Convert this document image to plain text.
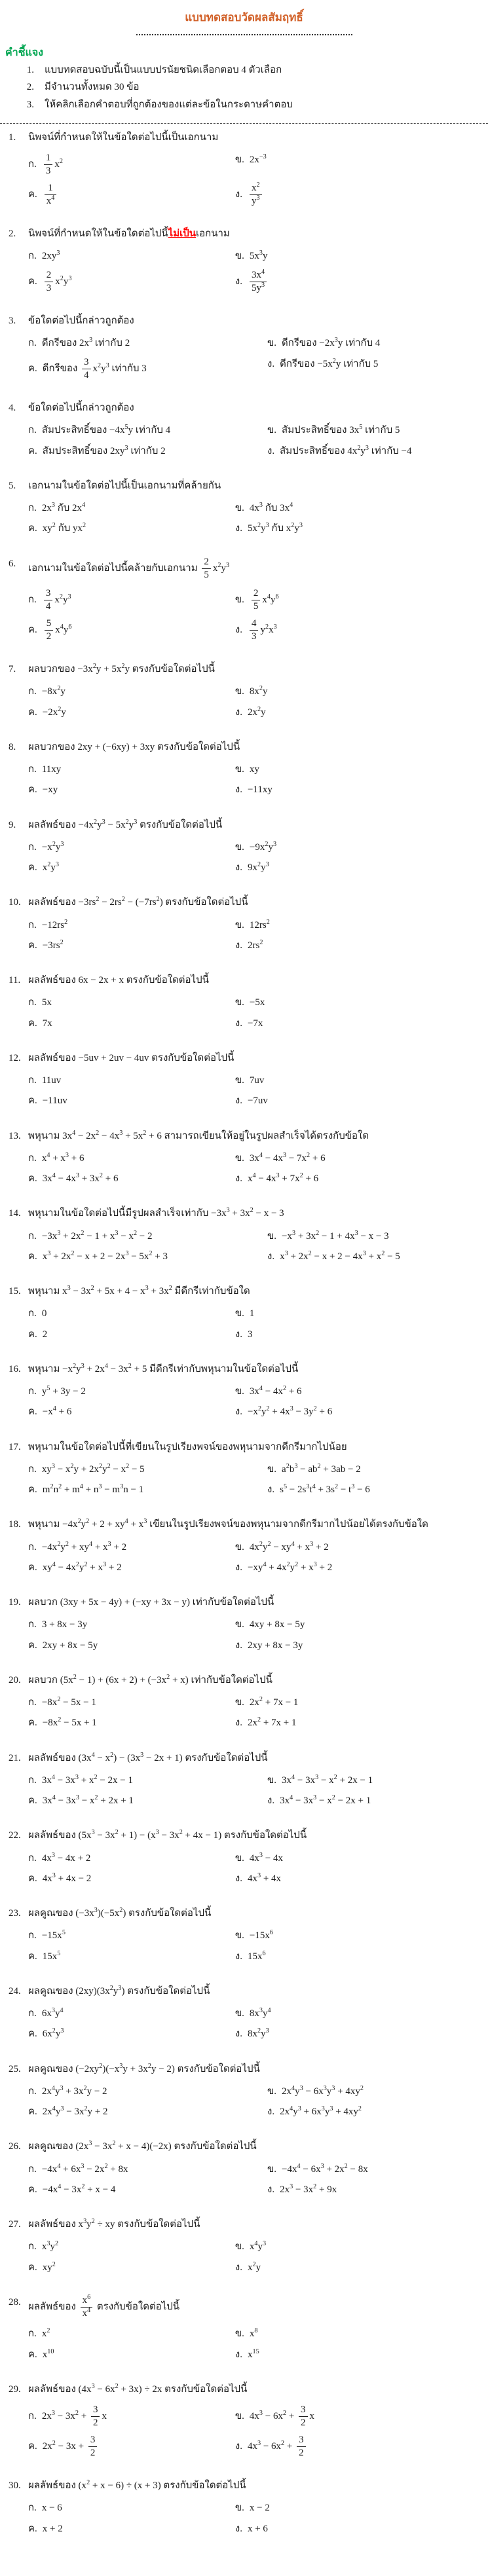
แบบทดสอบวัดผลสัมฤทธิ์
คำชี้แจง
1.	แบบทดสอบฉบับนี้เป็นแบบปรนัยชนิดเลือกตอบ 4 ตัวเลือก
2.	มีจำนวนทั้งหมด 30 ข้อ
3.	ให้คลิกเลือกคำตอบที่ถูกต้องของแต่ละข้อในกระดาษคำตอบ
1.	นิพจน์ที่กำหนดให้ในข้อใดต่อไปนี้เป็นเอกนาม
ก. $\frac{1}{3} x^2$	ข. $2x^{-3}$
ค. $\frac{1}{x^4}$	ง. $\frac{x^2}{y^3}$
2.	นิพจน์ที่กำหนดให้ในข้อใดต่อไปนี้ไม่เป็นเอกนาม
ก. $2xy^3$	ข. $5x^3y$
ค. $\frac{2}{3} x^2y^3$	ง. $\frac{3x^4}{5y^3}$
3.	ข้อใดต่อไปนี้กล่าวถูกต้อง
ก. ดีกรีของ $2x^3$ เท่ากับ 2	ข. ดีกรีของ $-2x^3y$ เท่ากับ 4
ค. ดีกรีของ $\frac{3}{4} x^2y^3$ เท่ากับ 3	ง. ดีกรีของ $-5x^2y$ เท่ากับ 5
4.	ข้อใดต่อไปนี้กล่าวถูกต้อง
ก. สัมประสิทธิ์ของ $-4x^5y$ เท่ากับ 4	ข. สัมประสิทธิ์ของ $3x^5$ เท่ากับ 5
ค. สัมประสิทธิ์ของ $2xy^3$ เท่ากับ 2	ง. สัมประสิทธิ์ของ $4x^2y^3$ เท่ากับ −4
5.	เอกนามในข้อใดต่อไปนี้เป็นเอกนามที่คล้ายกัน
ก. $2x^3$ กับ $2x^4$	ข. $4x^3$ กับ $3x^4$
ค. $xy^2$ กับ $yx^2$	ง. $5x^2y^3$ กับ $x^2y^3$
6.	เอกนามในข้อใดต่อไปนี้คล้ายกับเอกนาม $\frac{2}{5} x^2y^3$
ก. $\frac{3}{4} x^2y^3$	ข. $\frac{2}{5} x^4y^6$
ค. $\frac{5}{2} x^4y^6$	ง. $\frac{4}{3} y^2x^3$
7.	ผลบวกของ $-3x^2y + 5x^2y$ ตรงกับข้อใดต่อไปนี้
ก. $-8x^2y$	ข. $8x^2y$
ค. $-2x^2y$	ง. $2x^2y$
8.	ผลบวกของ 2xy + (−6xy) + 3xy ตรงกับข้อใดต่อไปนี้
ก. 11xy	ข. xy
ค. −xy	ง. −11xy
9.	ผลลัพธ์ของ $-4x^2y^3 - 5x^2y^3$ ตรงกับข้อใดต่อไปนี้
ก. $-x^2y^3$	ข. $-9x^2y^3$
ค. $x^2y^3$	ง. $9x^2y^3$
10. ผลลัพธ์ของ $-3rs^2 - 2rs^2 - (-7rs^2)$ ตรงกับข้อใดต่อไปนี้
ก. $-12rs^2$	ข. $12rs^2$
ค. $-3rs^2$	ง. $2rs^2$
11. ผลลัพธ์ของ 6x − 2x + x ตรงกับข้อใดต่อไปนี้
ก. 5x	ข. −5x
ค. 7x	ง. −7x
12. ผลลัพธ์ของ −5uv + 2uv − 4uv ตรงกับข้อใดต่อไปนี้
ก. 11uv	ข. 7uv
ค. −11uv	ง. −7uv
13. พหุนาม $3x^4 - 2x^2 - 4x^3 + 5x^2 + 6$ สามารถเขียนให้อยู่ในรูปผลสำเร็จได้ตรงกับข้อใด
ก. $x^4 + x^3 + 6$	ข. $3x^4 - 4x^3 - 7x^2 + 6$
ค. $3x^4 - 4x^3 + 3x^2 + 6$	ง. $x^4 - 4x^3 + 7x^2 + 6$
14. พหุนามในข้อใดต่อไปนี้มีรูปผลสำเร็จเท่ากับ $-3x^3 + 3x^2 - x - 3$
ก. $-3x^3 + 2x^2 - 1 + x^3 - x^2 - 2$	ข. $-x^3 + 3x^2 - 1 + 4x^3 - x - 3$
ค. $x^3 + 2x^2 - x + 2 - 2x^3 - 5x^2 + 3$	ง. $x^3 + 2x^2 - x + 2 - 4x^3 + x^2 - 5$
15. พหุนาม $x^3 - 3x^2 + 5x + 4 - x^3 + 3x^2$ มีดีกรีเท่ากับข้อใด
ก. 0	ข. 1
ค. 2	ง. 3
16. พหุนาม $-x^2y^3 + 2x^4 - 3x^2 + 5$ มีดีกรีเท่ากับพหุนามในข้อใดต่อไปนี้
ก. $y^5 + 3y - 2$	ข. $3x^4 - 4x^2 + 6$
ค. $-x^4 + 6$	ง. $-x^2y^2 + 4x^3 - 3y^2 + 6$
17. พหุนามในข้อใดต่อไปนี้ที่เขียนในรูปเรียงพจน์ของพหุนามจากดีกรีมากไปน้อย
ก. $xy^3 - x^2y + 2x^2y^2 - x^2 - 5$	ข. $a^2b^3 - ab^2 + 3ab - 2$
ค. $m^2n^2 + m^4 + n^3 - m^3n - 1$	ง. $s^5 - 2s^3t^4 + 3s^2 - t^3 - 6$
18. พหุนาม $-4x^2y^2 + 2 + xy^4 + x^3$ เขียนในรูปเรียงพจน์ของพหุนามจากดีกรีมากไปน้อยได้ตรงกับข้อใด
ก. $-4x^2y^2 + xy^4 + x^3 + 2$	ข. $4x^2y^2 - xy^4 + x^3 + 2$
ค. $xy^4 - 4x^2y^2 + x^3 + 2$	ง. $-xy^4 + 4x^2y^2 + x^3 + 2$
19. ผลบวก (3xy + 5x − 4y) + (−xy + 3x − y) เท่ากับข้อใดต่อไปนี้
ก. 3 + 8x − 3y	ข. 4xy + 8x − 5y
ค. 2xy + 8x − 5y	ง. 2xy + 8x − 3y
20. ผลบวก $(5x^2 - 1) + (6x + 2) + (-3x^2 + x)$ เท่ากับข้อใดต่อไปนี้
ก. $-8x^2 - 5x - 1$	ข. $2x^2 + 7x - 1$
ค. $-8x^2 - 5x + 1$	ง. $2x^2 + 7x + 1$
21. ผลลัพธ์ของ $(3x^4 - x^2) - (3x^3 - 2x + 1)$ ตรงกับข้อใดต่อไปนี้
ก. $3x^4 - 3x^3 + x^2 - 2x - 1$	ข. $3x^4 - 3x^3 - x^2 + 2x - 1$
ค. $3x^4 - 3x^3 - x^2 + 2x + 1$	ง. $3x^4 - 3x^3 - x^2 - 2x + 1$
22. ผลลัพธ์ของ $(5x^3 - 3x^2 + 1) - (x^3 - 3x^2 + 4x - 1)$ ตรงกับข้อใดต่อไปนี้
ก. $4x^3 - 4x + 2$	ข. $4x^3 - 4x$
ค. $4x^3 + 4x - 2$	ง. $4x^3 + 4x$
23. ผลคูณของ $(-3x^3)(-5x^2)$ ตรงกับข้อใดต่อไปนี้
ก. $-15x^5$	ข. $-15x^6$
ค. $15x^5$	ง. $15x^6$
24. ผลคูณของ $(2xy)(3x^2y^3)$ ตรงกับข้อใดต่อไปนี้
ก. $6x^3y^4$	ข. $8x^3y^4$
ค. $6x^2y^3$	ง. $8x^2y^3$
25. ผลคูณของ $(-2xy^2)(-x^3y + 3x^2y - 2)$ ตรงกับข้อใดต่อไปนี้
ก. $2x^4y^3 + 3x^2y - 2$	ข. $2x^4y^3 - 6x^3y^3 + 4xy^2$
ค. $2x^4y^3 - 3x^2y + 2$	ง. $2x^4y^3 + 6x^3y^3 + 4xy^2$
26. ผลคูณของ $(2x^3 - 3x^2 + x - 4)(-2x)$ ตรงกับข้อใดต่อไปนี้
ก. $-4x^4 + 6x^3 - 2x^2 + 8x$	ข. $-4x^4 - 6x^3 + 2x^2 - 8x$
ค. $-4x^4 - 3x^2 + x - 4$	ง. $2x^3 - 3x^2 + 9x$
27. ผลลัพธ์ของ $x^3y^2$ ÷ xy ตรงกับข้อใดต่อไปนี้
ก. $x^3y^2$	ข. $x^4y^3$
ค. $xy^2$	ง. $x^2y$
28. ผลลัพธ์ของ $\frac{x^6}{x^4}$ ตรงกับข้อใดต่อไปนี้
ก. $x^2$	ข. $x^8$
ค. $x^{10}$	ง. $x^{15}$
29. ผลลัพธ์ของ $(4x^3 - 6x^2 + 3x) \div 2x$ ตรงกับข้อใดต่อไปนี้
ก. $2x^3 - 3x^2 + \frac{3}{2}$ x	ข. $4x^3 - 6x^2 + \frac{3}{2}$ x
ค. $2x^2 - 3x + \frac{3}{2}$	ง. $4x^3 - 6x^2 + \frac{3}{2}$
30. ผลลัพธ์ของ $(x^2 + x - 6) \div (x + 3)$ ตรงกับข้อใดต่อไปนี้
ก. x − 6	ข. x − 2
ค. x + 2	ง. x + 6
